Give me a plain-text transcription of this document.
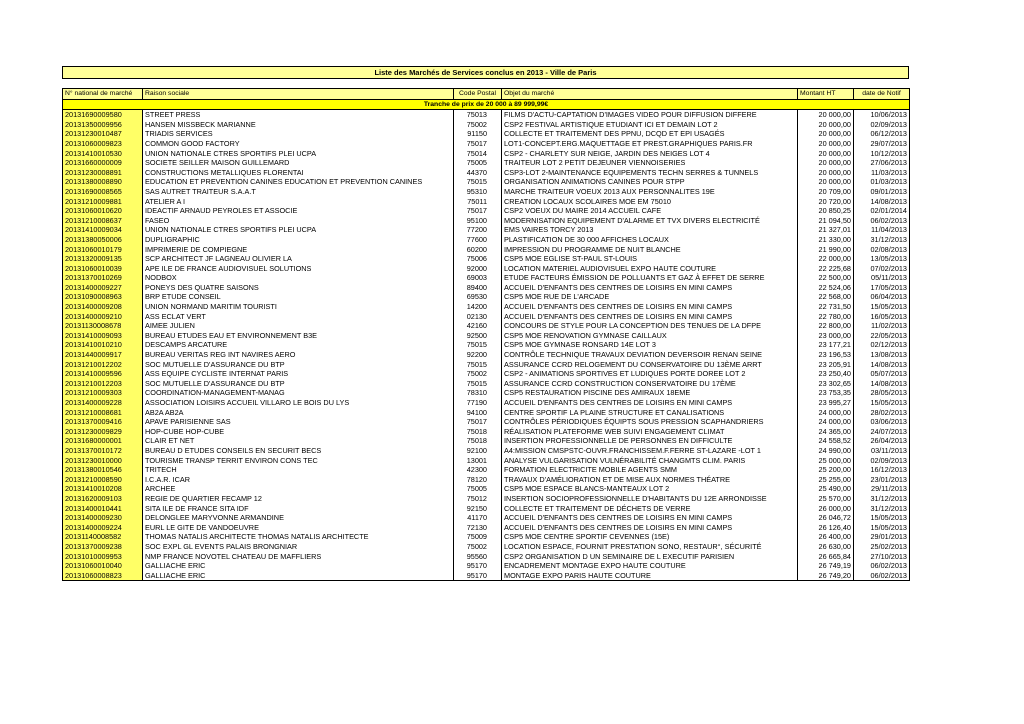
Liste des Marchés de Services conclus en 2013 - Ville de Paris
N° national de marché	Raison sociale	Code Postal	Objet du marché	Montant HT	date de Notif
Tranche de prix de 20 000 à 89 999,99€					
20131690009580	STREET PRESS	75013	FILMS D'ACTU-CAPTATION D'IMAGES VIDEO POUR DIFFUSION DIFFERE	20 000,00	10/06/2013
20131350009956	HANSEN MISSBECK MARIANNE	75002	CSP2 FESTIVAL ARTISTIQUE ETUDIANT ICI ET DEMAIN LOT 2	20 000,00	02/09/2013
20131230010487	TRIADIS SERVICES	91150	COLLECTE ET TRAITEMENT DES PPNU, DCQD ET EPI USAGÉS	20 000,00	06/12/2013
20131060009823	COMMON GOOD FACTORY	75017	LOT1-CONCEPT.ERG.MAQUETTAGE ET PREST.GRAPHIQUES PARIS.FR	20 000,00	29/07/2013
20131410010530	UNION NATIONALE CTRES SPORTIFS PLEI UCPA	75014	CSP2 - CHARLETY SUR NEIGE, JARDIN DES NEIGES LOT 4	20 000,00	10/12/2013
20131660000009	SOCIETE SEILLER MAISON GUILLEMARD	75005	TRAITEUR LOT 2 PETIT DEJEUNER VIENNOISERIES	20 000,00	27/06/2013
20131230008891	CONSTRUCTIONS METALLIQUES FLORENTAI	44370	CSP3-LOT 2-MAINTENANCE EQUIPEMENTS TECHN SERRES & TUNNELS	20 000,00	11/03/2013
20131380008890	EDUCATION ET PREVENTION CANINES EDUCATION ET PREVENTION CANINES	75015	ORGANISATION ANIMATIONS CANINES POUR STPP	20 000,00	01/03/2013
20131690008565	SAS AUTRET TRAITEUR S.A.A.T	95310	MARCHE TRAITEUR VOEUX 2013 AUX PERSONNALITES 19E	20 709,00	09/01/2013
20131210009881	ATELIER A I	75011	CREATION LOCAUX SCOLAIRES MOE EM 75010	20 720,00	14/08/2013
20131060010620	IDEACTIF ARNAUD PEYROLES ET ASSOCIE	75017	CSP2 VOEUX DU MAIRE 2014 ACCUEIL CAFE	20 850,25	02/01/2014
20131210008637	FASEO	95100	MODERNISATION EQUIPEMENT D'ALARME ET TVX DIVERS ELECTRICITÉ	21 094,50	06/02/2013
20131410009034	UNION NATIONALE CTRES SPORTIFS PLEI UCPA	77200	EMS VAIRES TORCY 2013	21 327,01	11/04/2013
20131380050006	DUPLIGRAPHIC	77600	PLASTIFICATION DE 30 000 AFFICHES LOCAUX	21 330,00	31/12/2013
20131060010179	IMPRIMERIE DE COMPIEGNE	60200	IMPRESSION DU PROGRAMME DE NUIT BLANCHE	21 990,00	02/08/2013
20131320009135	SCP ARCHITECT JF LAGNEAU OLIVIER LA	75006	CSP5 MOE EGLISE ST-PAUL ST-LOUIS	22 000,00	13/05/2013
20131060010039	APE ILE DE FRANCE AUDIOVISUEL SOLUTIONS	92000	LOCATION MATERIEL AUDIOVISUEL EXPO HAUTE COUTURE	22 225,68	07/02/2013
20131370010269	NODBOX	69003	ETUDE FACTEURS ÉMISSION DE POLLUANTS ET GAZ À EFFET DE SERRE	22 500,00	05/11/2013
20131400009227	PONEYS DES QUATRE SAISONS	89400	ACCUEIL D'ENFANTS DES CENTRES DE LOISIRS EN MINI CAMPS	22 524,06	17/05/2013
20131090008963	BRP ETUDE CONSEIL	69530	CSP5 MOE RUE DE L'ARCADE	22 568,00	06/04/2013
20131400009208	UNION NORMAND MARITIM TOURISTI	14200	ACCUEIL D'ENFANTS DES CENTRES DE LOISIRS EN MINI CAMPS	22 731,50	15/05/2013
20131400009210	ASS ECLAT VERT	02130	ACCUEIL D'ENFANTS DES CENTRES DE LOISIRS EN MINI CAMPS	22 780,00	16/05/2013
20131130008678	AIMEE JULIEN	42160	CONCOURS DE STYLE POUR LA CONCEPTION DES TENUES DE LA DFPE	22 800,00	11/02/2013
20131410009093	BUREAU ETUDES EAU ET ENVIRONNEMENT B3E	92500	CSP5 MOE RENOVATION GYMNASE CAILLAUX	23 000,00	22/05/2013
20131410010210	DESCAMPS ARCATURE	75015	CSP5 MOE GYMNASE RONSARD 14E LOT 3	23 177,21	02/12/2013
20131440009917	BUREAU VERITAS REG INT NAVIRES AERO	92200	CONTRÔLE TECHNIQUE TRAVAUX DEVIATION DEVERSOIR RENAN SEINE	23 196,53	13/08/2013
20131210012202	SOC MUTUELLE D'ASSURANCE DU BTP	75015	ASSURANCE CCRD RELOGEMENT DU CONSERVATOIRE DU 13ÈME ARRT	23 205,91	14/08/2013
20131410009596	ASS EQUIPE CYCLISTE INTERNAT PARIS	75002	CSP2 - ANIMATIONS SPORTIVES ET LUDIQUES PORTE DOREE LOT 2	23 250,40	05/07/2013
20131210012203	SOC MUTUELLE D'ASSURANCE DU BTP	75015	ASSURANCE CCRD CONSTRUCTION CONSERVATOIRE DU 17ÈME	23 302,65	14/08/2013
20131210009303	COORDINATION-MANAGEMENT-MANAG	78310	CSP5 RESTAURATION PISCINE DES AMIRAUX 18EME	23 753,35	28/05/2013
20131400009228	ASSOCIATION LOISIRS ACCUEIL VILLARO LE BOIS DU LYS	77190	ACCUEIL D'ENFANTS DES CENTRES DE LOISIRS EN MINI CAMPS	23 995,27	15/05/2013
20131210008681	AB2A AB2A	94100	CENTRE SPORTIF LA PLAINE STRUCTURE ET CANALISATIONS	24 000,00	28/02/2013
20131370009416	APAVE PARISIENNE SAS	75017	CONTRÔLES PÉRIODIQUES ÉQUIPTS SOUS PRESSION SCAPHANDRIERS	24 000,00	03/06/2013
20131230009829	HOP-CUBE HOP-CUBE	75018	RÉALISATION PLATEFORME WEB SUIVI ENGAGEMENT CLIMAT	24 365,00	24/07/2013
20131680000001	CLAIR ET NET	75018	INSERTION PROFESSIONNELLE DE PERSONNES EN DIFFICULTE	24 558,52	26/04/2013
20131370010172	BUREAU D ETUDES CONSEILS EN SECURIT BECS	92100	A4:MISSION CMSPSTC-OUVR.FRANCHISSEM.F.FERRE ST-LAZARE -LOT 1	24 990,00	03/11/2013
20131230010000	TOURISME TRANSP TERRIT ENVIRON CONS TEC	13001	ANALYSE VULGARISATION VULNÉRABILITÉ CHANGMTS CLIM. PARIS	25 000,00	02/09/2013
20131380010546	TRITECH	42300	FORMATION ELECTRICITE MOBILE AGENTS SMM	25 200,00	16/12/2013
20131210008590	I.C.A.R. ICAR	78120	TRAVAUX D'AMÉLIORATION ET DE MISE AUX NORMES THÉATRE	25 255,00	23/01/2013
20131410010208	ARCHEE	75005	CSP5 MOE ESPACE BLANCS-MANTEAUX LOT 2	25 490,00	29/11/2013
20131620009103	REGIE DE QUARTIER FECAMP 12	75012	INSERTION SOCIOPROFESSIONNELLE D'HABITANTS DU 12E ARRONDISSE	25 570,00	31/12/2013
20131400010441	SITA ILE DE FRANCE SITA IDF	92150	COLLECTE ET TRAITEMENT DE DÉCHETS DE VERRE	26 000,00	31/12/2013
20131400009230	DELONGLEE MARYVONNE ARMANDINE	41170	ACCUEIL D'ENFANTS DES CENTRES DE LOISIRS EN MINI CAMPS	26 046,72	15/05/2013
20131400009224	EURL LE GITE DE VANDOEUVRE	72130	ACCUEIL D'ENFANTS DES CENTRES DE LOISIRS EN MINI CAMPS	26 126,40	15/05/2013
20131140008582	THOMAS NATALIS ARCHITECTE THOMAS NATALIS ARCHITECTE	75009	CSP5 MOE CENTRE SPORTIF CEVENNES (15E)	26 400,00	29/01/2013
20131370009238	SOC EXPL GL EVENTS PALAIS BRONGNIAR	75002	LOCATION ESPACE, FOURNIT PRESTATION SONO, RESTAUR°, SÉCURITÉ	26 630,00	25/02/2013
20131010009953	NMP FRANCE NOVOTEL CHATEAU DE MAFFLIERS	95560	CSP2 ORGANISATION D UN SEMINAIRE DE L EXECUTIF PARISIEN	26 665,84	27/10/2013
20131060010040	GALLIACHE ERIC	95170	ENCADREMENT MONTAGE EXPO HAUTE COUTURE	26 749,19	06/02/2013
20131060008823	GALLIACHE ERIC	95170	MONTAGE EXPO PARIS HAUTE COUTURE	26 749,20	06/02/2013
